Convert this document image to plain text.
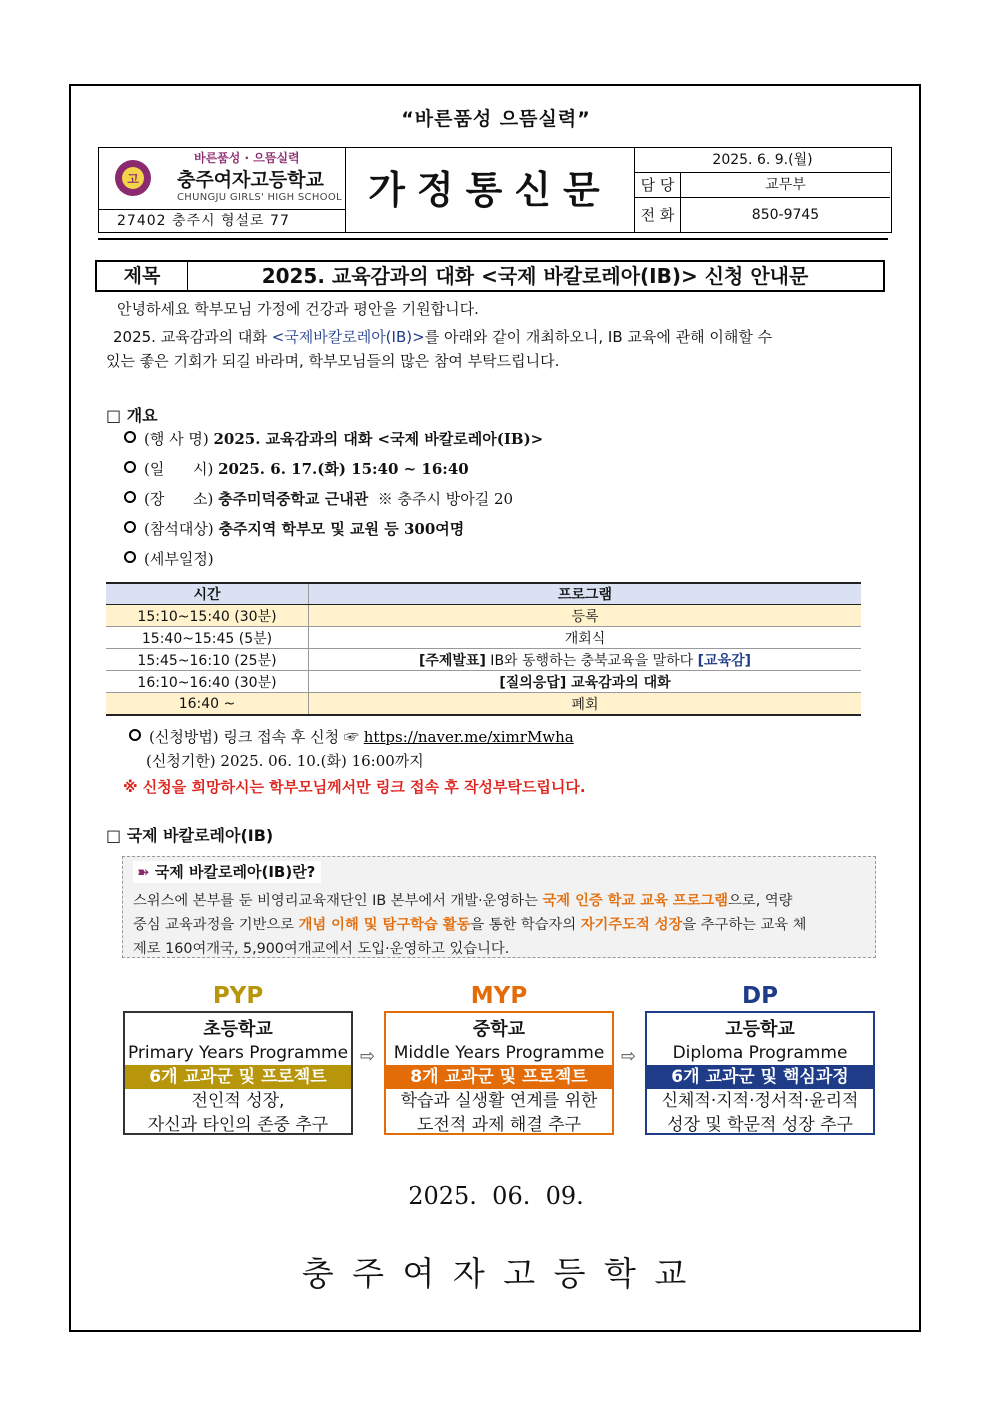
“바른품성 으뜸실력”
고
바른품성 · 으뜸실력
충주여자고등학교
CHUNGJU GIRLS' HIGH SCHOOL
27402 충주시 형설로 77
가정통신문
2025. 6. 9.(월)
담 당	교무부
전 화	850-9745
제목	2025. 교육감과의 대화 <국제 바칼로레아(IB)> 신청 안내문
안녕하세요 학부모님 가정에 건강과 평안을 기원합니다.
2025. 교육감과의 대화 <국제바칼로레아(IB)>를 아래와 같이 개최하오니, IB 교육에 관해 이해할 수
있는 좋은 기회가 되길 바라며, 학부모님들의 많은 참여 부탁드립니다.
□ 개요
(행 사 명) 2025. 교육감과의 대화 <국제 바칼로레아(IB)>
(일      시) 2025. 6. 17.(화) 15:40 ~ 16:40
(장      소) 충주미덕중학교 근내관  ※ 충주시 방아길 20
(참석대상) 충주지역 학부모 및 교원 등 300여명
(세부일정)
시간	프로그램
15:10~15:40 (30분)	등록
15:40~15:45 (5분)	개회식
15:45~16:10 (25분)	[주제발표] IB와 동행하는 충북교육을 말하다 [교육감]
16:10~16:40 (30분)	[질의응답] 교육감과의 대화
16:40 ~	폐회
(신청방법) 링크 접속 후 신청 ☞ https://naver.me/ximrMwha
(신청기한) 2025. 06. 10.(화) 16:00까지
※ 신청을 희망하시는 학부모님께서만 링크 접속 후 작성부탁드립니다.
□ 국제 바칼로레아(IB)
➽ 국제 바칼로레아(IB)란?
스위스에 본부를 둔 비영리교육재단인 IB 본부에서 개발·운영하는 국제 인증 학교 교육 프로그램으로, 역량
중심 교육과정을 기반으로 개념 이해 및 탐구학습 활동을 통한 학습자의 자기주도적 성장을 추구하는 교육 체
제로 160여개국, 5,900여개교에서 도입·운영하고 있습니다.
PYP	MYP	DP
초등학교
Primary Years Programme
6개 교과군 및 프로젝트
전인적 성장,
자신과 타인의 존중 추구
⇨
중학교
Middle Years Programme
8개 교과군 및 프로젝트
학습과 실생활 연계를 위한
도전적 과제 해결 추구
⇨
고등학교
Diploma Programme
6개 교과군 및 핵심과정
신체적·지적·정서적·윤리적
성장 및 학문적 성장 추구
2025.  06.  09.
충 주 여 자 고 등 학 교
